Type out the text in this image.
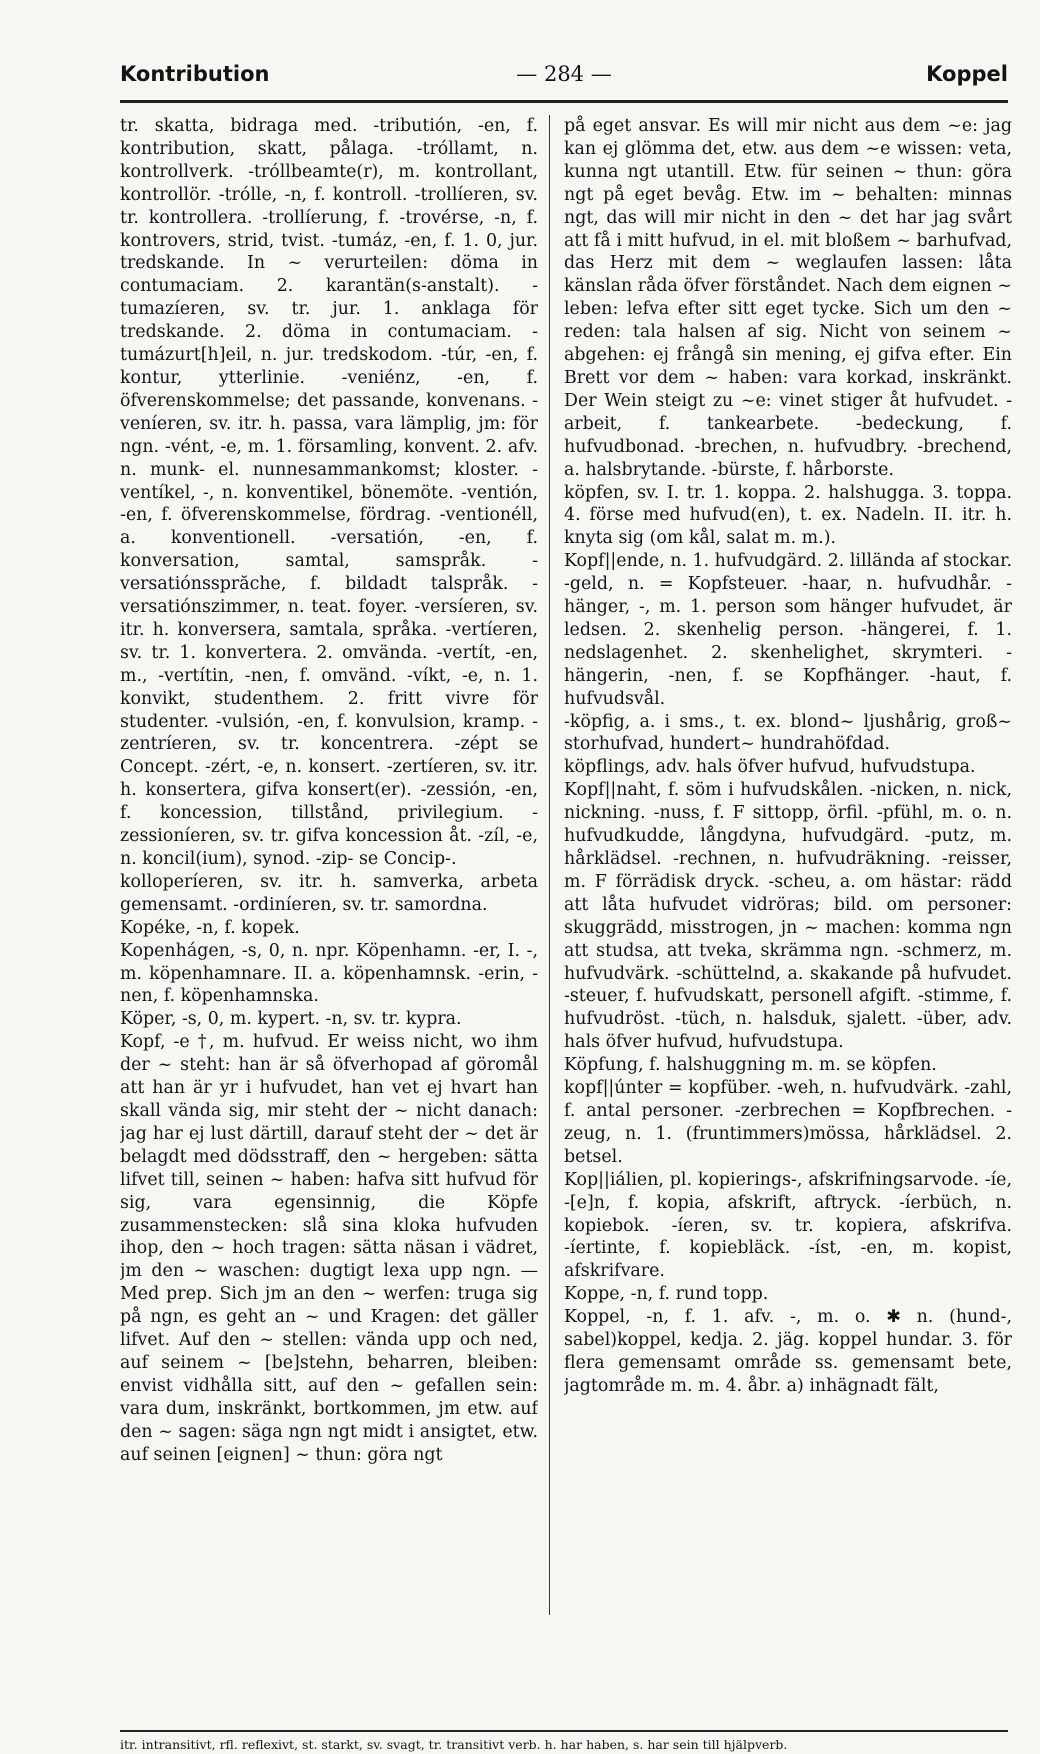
Kontribution	— 284 —	Koppel

tr. skatta, bidraga med. -tributión, -en, f. kontribution, skatt, pålaga. -tróllamt, n. kontrollverk. -tróllbeamte(r), m. kontrollant, kontrollör. -trólle, -n, f. kontroll. -trollíeren, sv. tr. kontrollera. -trollíerung, f. -trovérse, -n, f. kontrovers, strid, tvist. -tumáz, -en, f. 1. 0, jur. tredskande. In ~ verurteilen: döma in contumaciam. 2. karantän(s-anstalt). -tumazíeren, sv. tr. jur. 1. anklaga för tredskande. 2. döma in contumaciam. -tumázurt[h]eil, n. jur. tredskodom. -túr, -en, f. kontur, ytterlinie. -veniénz, -en, f. öfverenskommelse; det passande, konvenans. -veníeren, sv. itr. h. passa, vara lämplig, jm: för ngn. -vént, -e, m. 1. församling, konvent. 2. afv. n. munk- el. nunnesammankomst; kloster. -ventíkel, -, n. konventikel, bönemöte. -ventión, -en, f. öfverenskommelse, fördrag. -ventionéll, a. konventionell. -versatión, -en, f. konversation, samtal, samspråk. -versatiónssprăche, f. bildadt talspråk. -versatiónszimmer, n. teat. foyer. -versíeren, sv. itr. h. konversera, samtala, språka. -vertíeren, sv. tr. 1. konvertera. 2. omvända. -vertít, -en, m., -vertítin, -nen, f. omvänd. -víkt, -e, n. 1. konvikt, studenthem. 2. fritt vivre för studenter. -vulsión, -en, f. konvulsion, kramp. -zentríeren, sv. tr. koncentrera. -zépt se Concept. -zért, -e, n. konsert. -zertíeren, sv. itr. h. konsertera, gifva konsert(er). -zessión, -en, f. koncession, tillstånd, privilegium. -zessioníeren, sv. tr. gifva koncession åt. -zíl, -e, n. koncil(ium), synod. -zip- se Concip-.

kolloperíeren, sv. itr. h. samverka, arbeta gemensamt. -ordiníeren, sv. tr. samordna.

Kopéke, -n, f. kopek.

Kopenhágen, -s, 0, n. npr. Köpenhamn. -er, I. -, m. köpenhamnare. II. a. köpenhamnsk. -erin, -nen, f. köpenhamnska.

Köper, -s, 0, m. kypert. -n, sv. tr. kypra.

Kopf, -e †, m. hufvud. Er weiss nicht, wo ihm der ~ steht: han är så öfverhopad af göromål att han är yr i hufvudet, han vet ej hvart han skall vända sig, mir steht der ~ nicht danach: jag har ej lust därtill, darauf steht der ~ det är belagdt med dödsstraff, den ~ hergeben: sätta lifvet till, seinen ~ haben: hafva sitt hufvud för sig, vara egensinnig, die Köpfe zusammenstecken: slå sina kloka hufvuden ihop, den ~ hoch tragen: sätta näsan i vädret, jm den ~ waschen: dugtigt lexa upp ngn. — Med prep. Sich jm an den ~ werfen: truga sig på ngn, es geht an ~ und Kragen: det gäller lifvet. Auf den ~ stellen: vända upp och ned, auf seinem ~ [be]stehn, beharren, bleiben: envist vidhålla sitt, auf den ~ gefallen sein: vara dum, inskränkt, bortkommen, jm etw. auf den ~ sagen: säga ngn ngt midt i ansigtet, etw. auf seinen [eignen] ~ thun: göra ngt

på eget ansvar. Es will mir nicht aus dem ~e: jag kan ej glömma det, etw. aus dem ~e wissen: veta, kunna ngt utantill. Etw. für seinen ~ thun: göra ngt på eget bevåg. Etw. im ~ behalten: minnas ngt, das will mir nicht in den ~ det har jag svårt att få i mitt hufvud, in el. mit bloßem ~ barhufvad, das Herz mit dem ~ weglaufen lassen: låta känslan råda öfver förståndet. Nach dem eignen ~ leben: lefva efter sitt eget tycke. Sich um den ~ reden: tala halsen af sig. Nicht von seinem ~ abgehen: ej frångå sin mening, ej gifva efter. Ein Brett vor dem ~ haben: vara korkad, inskränkt. Der Wein steigt zu ~e: vinet stiger åt hufvudet. -arbeit, f. tankearbete. -bedeckung, f. hufvudbonad. -brechen, n. hufvudbry. -brechend, a. halsbrytande. -bürste, f. hårborste.

köpfen, sv. I. tr. 1. koppa. 2. halshugga. 3. toppa. 4. förse med hufvud(en), t. ex. Nadeln. II. itr. h. knyta sig (om kål, salat m. m.).

Kopf||ende, n. 1. hufvudgärd. 2. lillända af stockar. -geld, n. = Kopfsteuer. -haar, n. hufvudhår. -hänger, -, m. 1. person som hänger hufvudet, är ledsen. 2. skenhelig person. -hängerei, f. 1. nedslagenhet. 2. skenhelighet, skrymteri. -hängerin, -nen, f. se Kopfhänger. -haut, f. hufvudsvål.

-köpfig, a. i sms., t. ex. blond~ ljushårig, groß~ storhufvad, hundert~ hundrahöfdad.

köpflings, adv. hals öfver hufvud, hufvudstupa.

Kopf||naht, f. söm i hufvudskålen. -nicken, n. nick, nickning. -nuss, f. F sittopp, örfil. -pfühl, m. o. n. hufvudkudde, långdyna, hufvudgärd. -putz, m. hårklädsel. -rechnen, n. hufvudräkning. -reisser, m. F förrädisk dryck. -scheu, a. om hästar: rädd att låta hufvudet vidröras; bild. om personer: skuggrädd, misstrogen, jn ~ machen: komma ngn att studsa, att tveka, skrämma ngn. -schmerz, m. hufvudvärk. -schüttelnd, a. skakande på hufvudet. -steuer, f. hufvudskatt, personell afgift. -stimme, f. hufvudröst. -tüch, n. halsduk, sjalett. -über, adv. hals öfver hufvud, hufvudstupa.

Köpfung, f. halshuggning m. m. se köpfen.

kopf||únter = kopfüber. -weh, n. hufvudvärk. -zahl, f. antal personer. -zerbrechen = Kopfbrechen. -zeug, n. 1. (fruntimmers)mössa, hårklädsel. 2. betsel.

Kop||iálien, pl. kopierings-, afskrifningsarvode. -íe, -[e]n, f. kopia, afskrift, aftryck. -íerbüch, n. kopiebok. -íeren, sv. tr. kopiera, afskrifva. -íertinte, f. kopiebläck. -íst, -en, m. kopist, afskrifvare.

Koppe, -n, f. rund topp.

Koppel, -n, f. 1. afv. -, m. o. ✱ n. (hund-, sabel)koppel, kedja. 2. jäg. koppel hundar. 3. för flera gemensamt område ss. gemensamt bete, jagtområde m. m. 4. åbr. a) inhägnadt fält,

itr. intransitivt, rfl. reflexivt, st. starkt, sv. svagt, tr. transitivt verb. h. har haben, s. har sein till hjälpverb.
